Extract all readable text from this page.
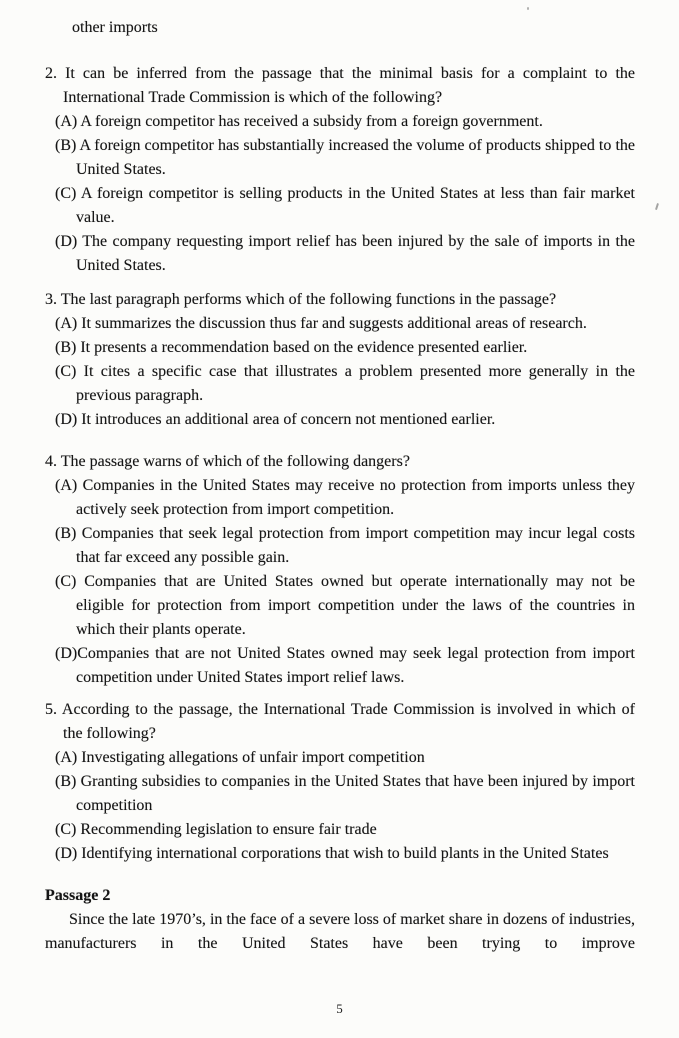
other imports

2. It can be inferred from the passage that the minimal basis for a complaint to the International Trade Commission is which of the following?

(A) A foreign competitor has received a subsidy from a foreign government.

(B) A foreign competitor has substantially increased the volume of products shipped to the United States.

(C) A foreign competitor is selling products in the United States at less than fair market value.

(D) The company requesting import relief has been injured by the sale of imports in the United States.

3. The last paragraph performs which of the following functions in the passage?

(A) It summarizes the discussion thus far and suggests additional areas of research.

(B) It presents a recommendation based on the evidence presented earlier.

(C) It cites a specific case that illustrates a problem presented more generally in the previous paragraph.

(D) It introduces an additional area of concern not mentioned earlier.

4. The passage warns of which of the following dangers?

(A) Companies in the United States may receive no protection from imports unless they actively seek protection from import competition.

(B) Companies that seek legal protection from import competition may incur legal costs that far exceed any possible gain.

(C) Companies that are United States owned but operate internationally may not be eligible for protection from import competition under the laws of the countries in which their plants operate.

(D)Companies that are not United States owned may seek legal protection from import competition under United States import relief laws.

5. According to the passage, the International Trade Commission is involved in which of the following?

(A) Investigating allegations of unfair import competition

(B) Granting subsidies to companies in the United States that have been injured by import competition

(C) Recommending legislation to ensure fair trade

(D) Identifying international corporations that wish to build plants in the United States

Passage 2

Since the late 1970’s, in the face of a severe loss of market share in dozens of industries, manufacturers in the United States have been trying to improve

5
